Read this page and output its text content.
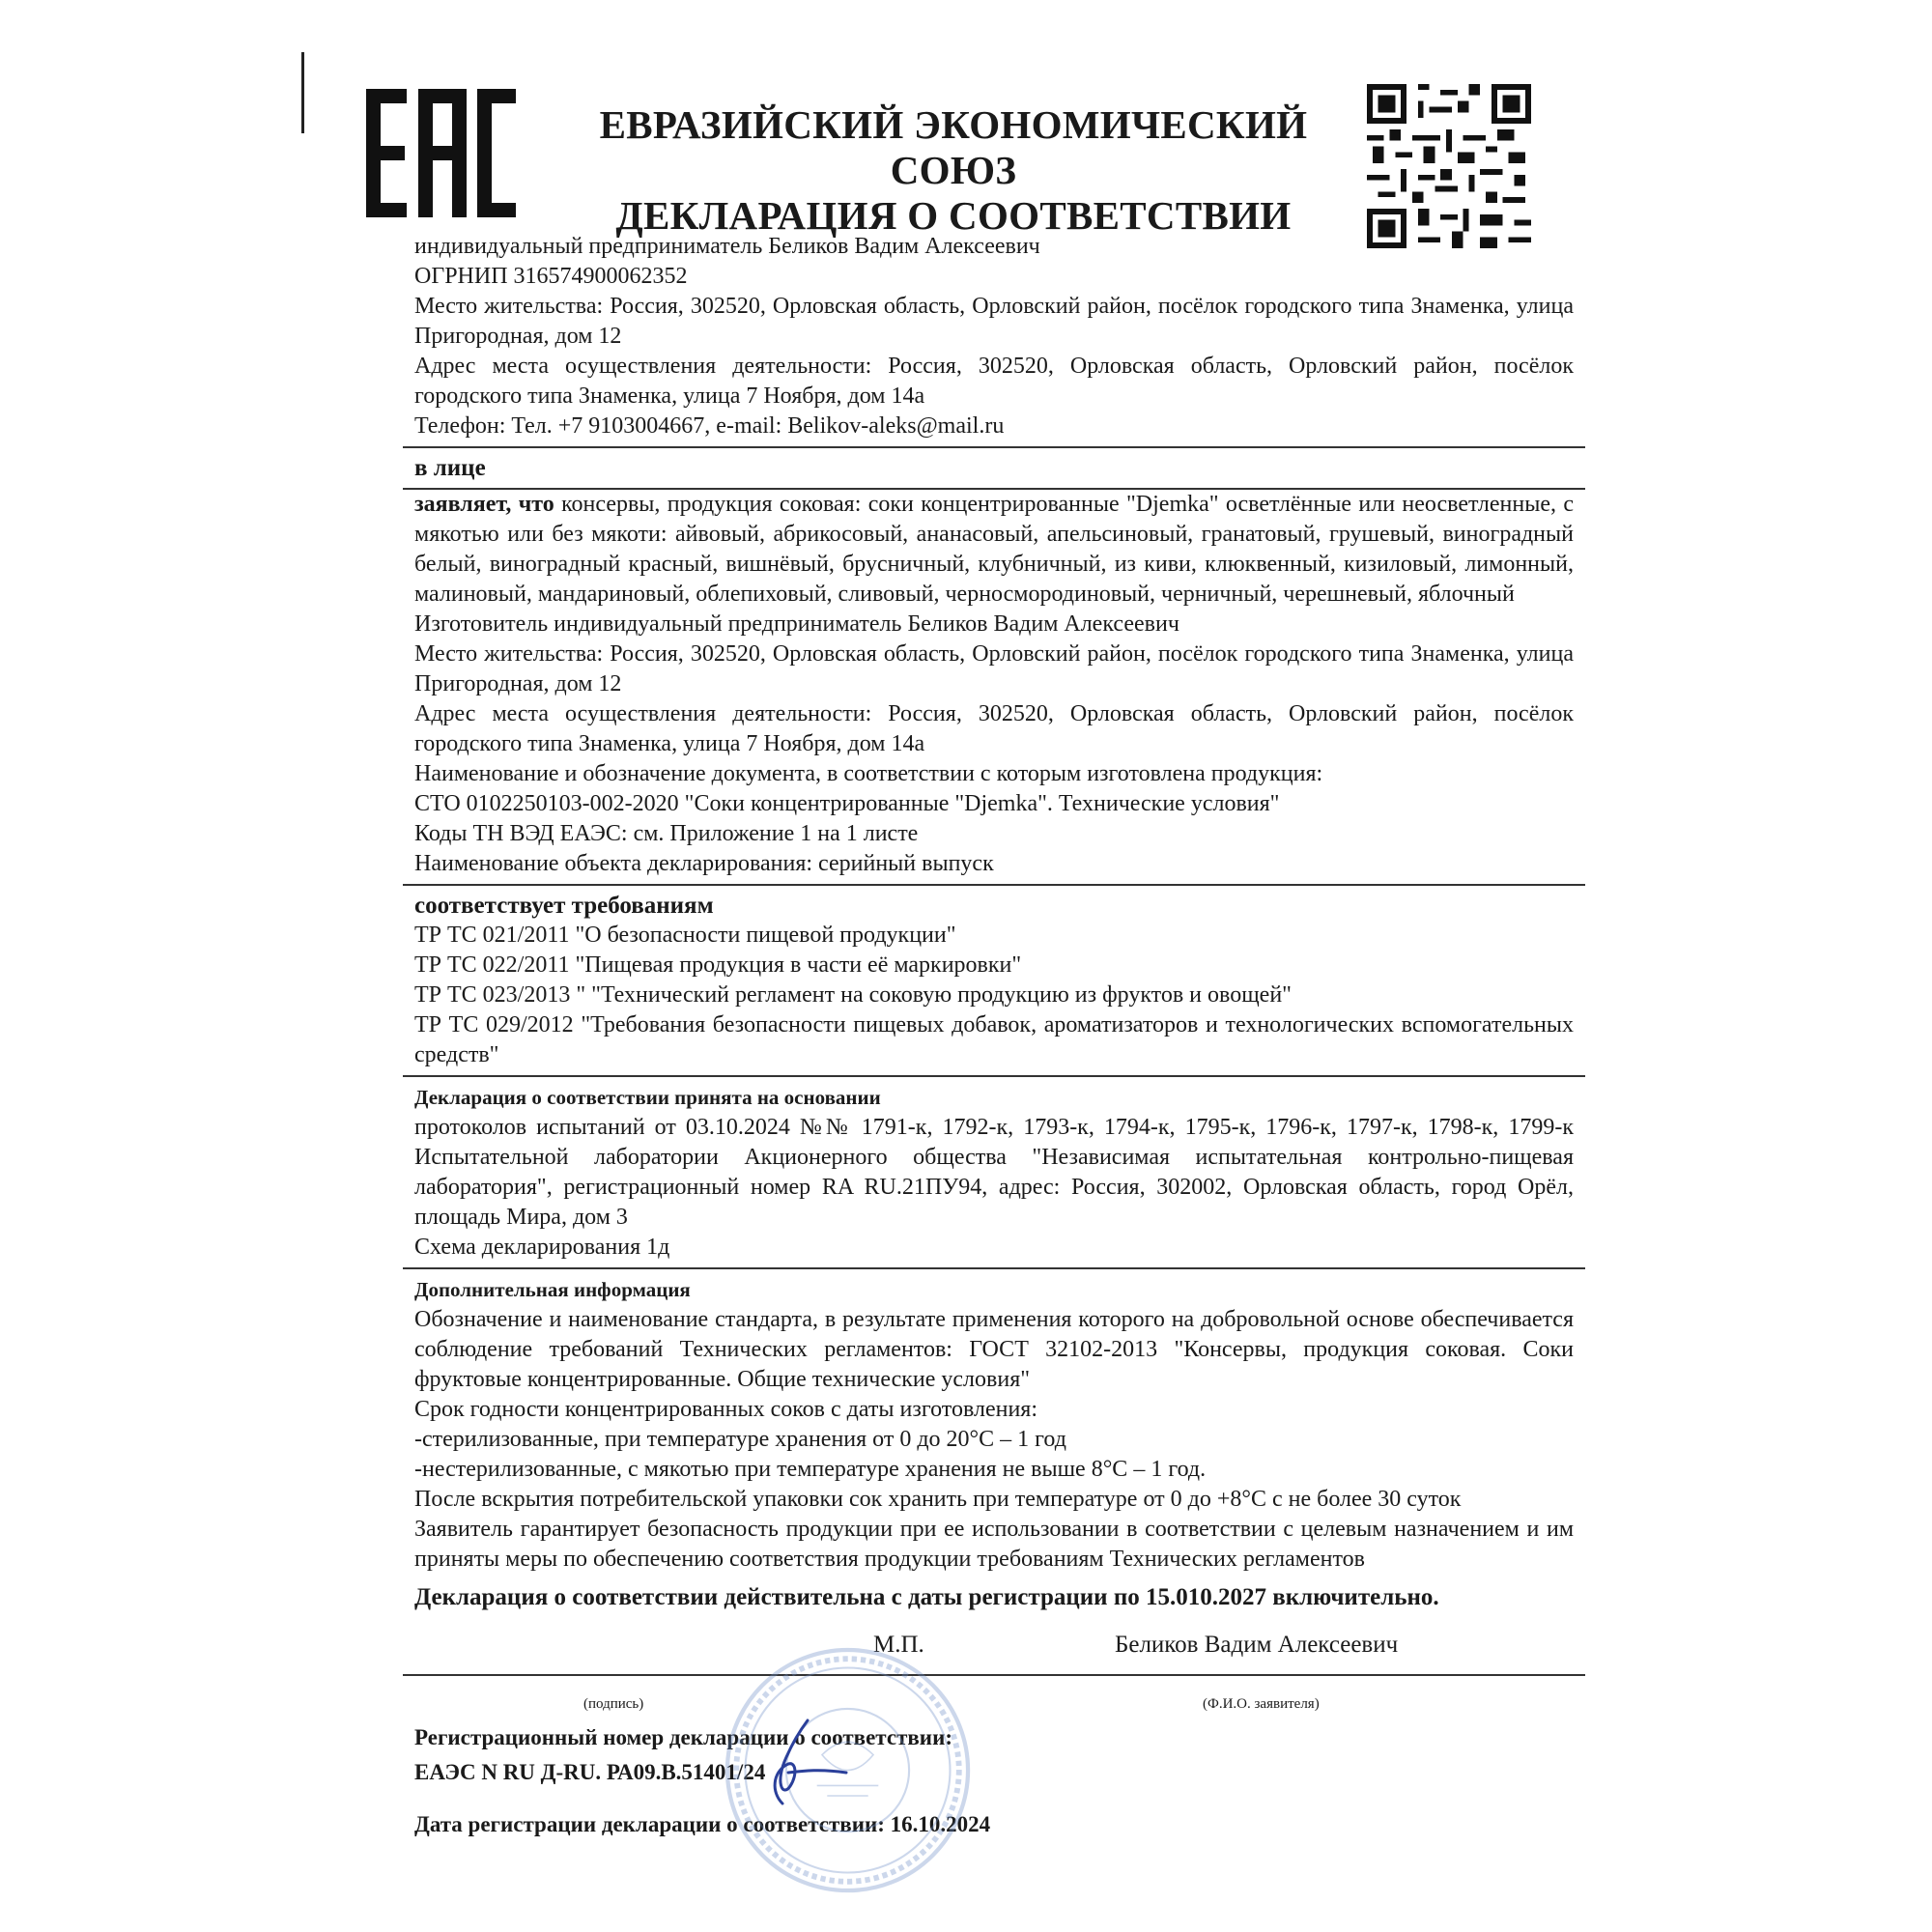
ЕВРАЗИЙСКИЙ ЭКОНОМИЧЕСКИЙ СОЮЗ
ДЕКЛАРАЦИЯ О СООТВЕТСТВИИ

индивидуальный предприниматель Беликов Вадим Алексеевич

ОГРНИП 316574900062352

Место жительства: Россия, 302520, Орловская область, Орловский район, посёлок городского типа Знаменка, улица Пригородная, дом 12

Адрес места осуществления деятельности: Россия, 302520, Орловская область, Орловский район, посёлок городского типа Знаменка, улица 7 Ноября, дом 14а

Телефон: Тел. +7 9103004667, e-mail: Belikov-aleks@mail.ru

в лице

заявляет, что консервы, продукция соковая: соки концентрированные "Djemka" осветлённые или неосветленные, с мякотью или без мякоти: айвовый, абрикосовый, ананасовый, апельсиновый, гранатовый, грушевый, виноградный белый, виноградный красный, вишнёвый, брусничный, клубничный, из киви, клюквенный, кизиловый, лимонный, малиновый, мандариновый, облепиховый, сливовый, черносмородиновый, черничный, черешневый, яблочный

Изготовитель индивидуальный предприниматель Беликов Вадим Алексеевич

Место жительства: Россия, 302520, Орловская область, Орловский район, посёлок городского типа Знаменка, улица Пригородная, дом 12

Адрес места осуществления деятельности: Россия, 302520, Орловская область, Орловский район, посёлок городского типа Знаменка, улица 7 Ноября, дом 14а

Наименование и обозначение документа, в соответствии с которым изготовлена продукция:

СТО 0102250103-002-2020 "Соки концентрированные "Djemka". Технические условия"

Коды ТН ВЭД ЕАЭС: см. Приложение 1 на 1 листе

Наименование объекта декларирования: серийный выпуск

соответствует требованиям

ТР ТС 021/2011 "О безопасности пищевой продукции"

ТР ТС 022/2011 "Пищевая продукция в части её маркировки"

ТР ТС 023/2013 " "Технический регламент на соковую продукцию из фруктов и овощей"

ТР ТС 029/2012 "Требования безопасности пищевых добавок, ароматизаторов и технологических вспомогательных средств"

Декларация о соответствии принята на основании

протоколов испытаний от 03.10.2024 №№ 1791-к, 1792-к, 1793-к, 1794-к, 1795-к, 1796-к, 1797-к, 1798-к, 1799-к Испытательной лаборатории Акционерного общества "Независимая испытательная контрольно-пищевая лаборатория", регистрационный номер RA RU.21ПУ94, адрес: Россия, 302002, Орловская область, город Орёл, площадь Мира, дом 3

Схема декларирования 1д

Дополнительная информация

Обозначение и наименование стандарта, в результате применения которого на добровольной основе обеспечивается соблюдение требований Технических регламентов: ГОСТ 32102-2013 "Консервы, продукция соковая. Соки фруктовые концентрированные. Общие технические условия"

Срок годности концентрированных соков с даты изготовления:

-стерилизованные, при температуре хранения от 0 до 20°С – 1 год

-нестерилизованные, с мякотью при температуре хранения не выше 8°С – 1 год.

После вскрытия потребительской упаковки сок хранить при температуре от 0 до +8°С с не более 30 суток

Заявитель гарантирует безопасность продукции при ее использовании в соответствии с целевым назначением и им приняты меры по обеспечению соответствия продукции требованиям Технических регламентов

Декларация о соответствии действительна с даты регистрации по 15.010.2027 включительно.
М.П.	Беликов Вадим Алексеевич
(подпись)	(Ф.И.О. заявителя)
Регистрационный номер декларации о соответствии:
ЕАЭС N RU Д-RU. РА09.В.51401/24
Дата регистрации декларации о соответствии: 16.10.2024
